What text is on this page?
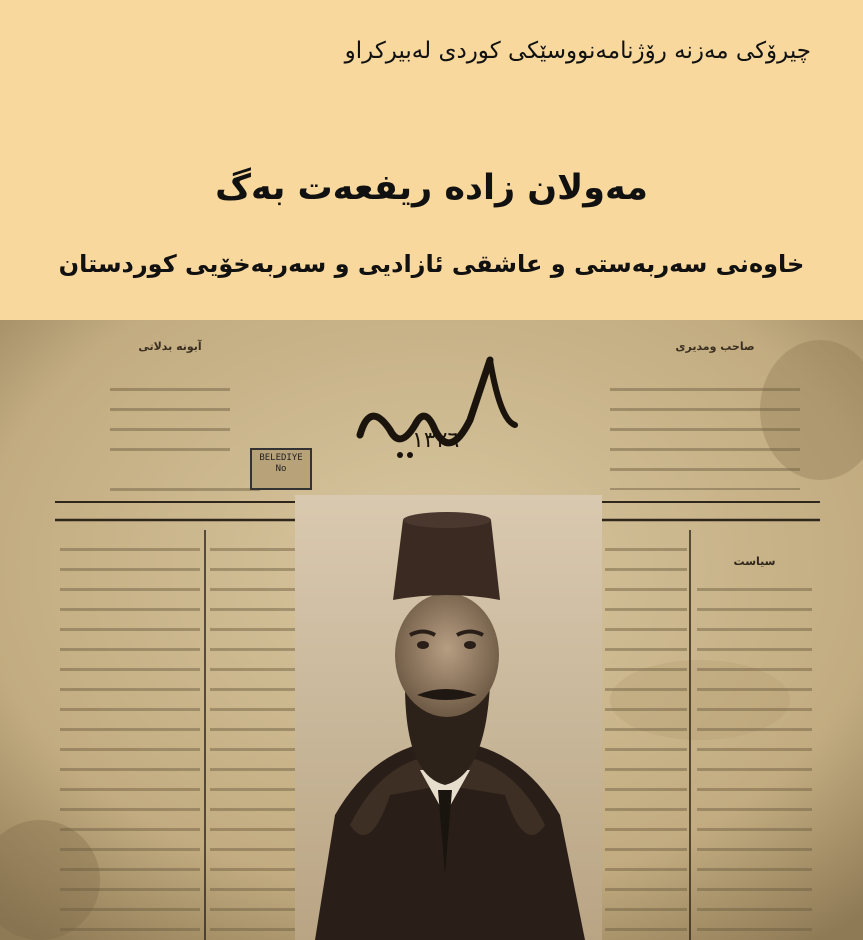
چیرۆکی مەزنە رۆژنامەنووسێکی کوردی لەبیرکراو
مەولان زادە ریفعەت بەگ
خاوەنی سەربەستی و عاشقی ئازادیی و سەربەخۆیی کوردستان
آبونە بدلاتی	صاحب ومدیری
١٣٢٦
BELEDIYE
No
سیاست
